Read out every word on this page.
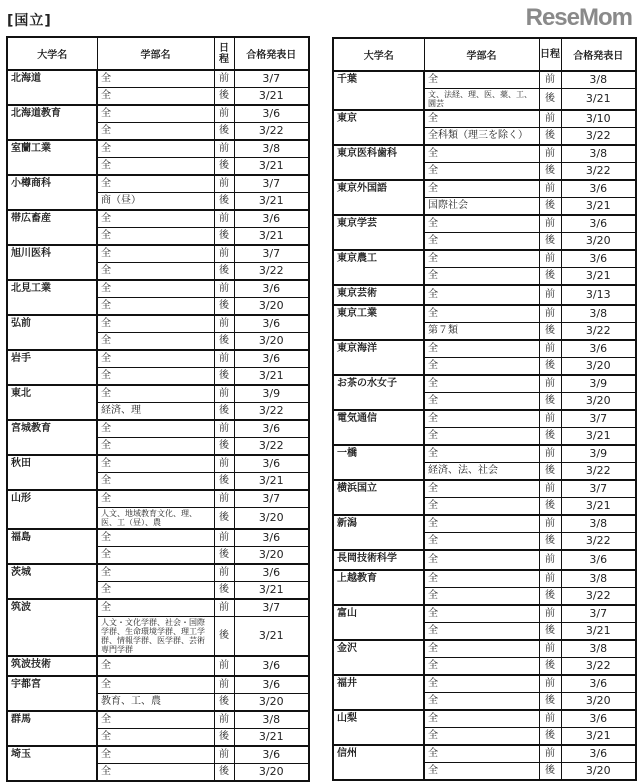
[国立]	ReseMom
大学名	学部名	日程	合格発表日
北海道	全	前	3/7
	全	後	3/21
北海道教育	全	前	3/6
	全	後	3/22
室蘭工業	全	前	3/8
	全	後	3/21
小樽商科	全	前	3/7
	商（昼）	後	3/21
帯広畜産	全	前	3/6
	全	後	3/21
旭川医科	全	前	3/7
	全	後	3/22
北見工業	全	前	3/6
	全	後	3/20
弘前	全	前	3/6
	全	後	3/20
岩手	全	前	3/6
	全	後	3/21
東北	全	前	3/9
	経済、理	後	3/22
宮城教育	全	前	3/6
	全	後	3/22
秋田	全	前	3/6
	全	後	3/21
山形	全	前	3/7
	人文、地域教育文化、理、医、工（昼）、農	後	3/20
福島	全	前	3/6
	全	後	3/20
茨城	全	前	3/6
	全	後	3/21
筑波	全	前	3/7
	人文・文化学群、社会・国際学群、生命環境学群、理工学群、情報学群、医学群、芸術専門学群	後	3/21
筑波技術	全	前	3/6
宇都宮	全	前	3/6
	教育、工、農	後	3/20
群馬	全	前	3/8
	全	後	3/21
埼玉	全	前	3/6
	全	後	3/20
大学名	学部名	日程	合格発表日
千葉	全	前	3/8
	文、法経、理、医、薬、工、園芸	後	3/21
東京	全	前	3/10
	全科類（理三を除く）	後	3/22
東京医科歯科	全	前	3/8
	全	後	3/22
東京外国語	全	前	3/6
	国際社会	後	3/21
東京学芸	全	前	3/6
	全	後	3/20
東京農工	全	前	3/6
	全	後	3/21
東京芸術	全	前	3/13
東京工業	全	前	3/8
	第７類	後	3/22
東京海洋	全	前	3/6
	全	後	3/20
お茶の水女子	全	前	3/9
	全	後	3/20
電気通信	全	前	3/7
	全	後	3/21
一橋	全	前	3/9
	経済、法、社会	後	3/22
横浜国立	全	前	3/7
	全	後	3/21
新潟	全	前	3/8
	全	後	3/22
長岡技術科学	全	前	3/6
上越教育	全	前	3/8
	全	後	3/22
富山	全	前	3/7
	全	後	3/21
金沢	全	前	3/8
	全	後	3/22
福井	全	前	3/6
	全	後	3/20
山梨	全	前	3/6
	全	後	3/21
信州	全	前	3/6
	全	後	3/20
